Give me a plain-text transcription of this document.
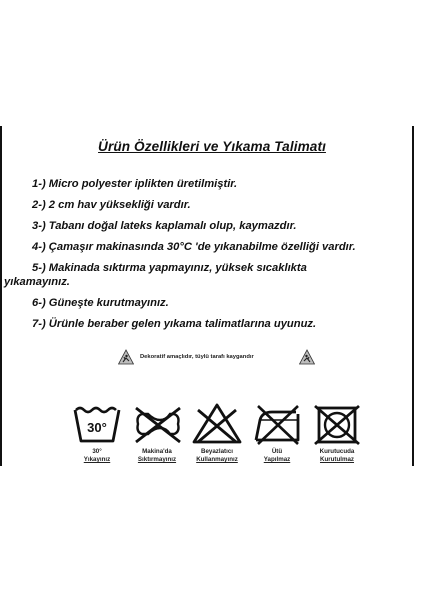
Ürün Özellikleri ve Yıkama Talimatı
1-) Micro polyester iplikten üretilmiştir.
2-) 2 cm hav yüksekliği vardır.
3-) Tabanı doğal lateks kaplamalı olup, kaymazdır.
4-) Çamaşır makinasında 30°C 'de yıkanabilme özelliği vardır.
5-) Makinada sıktırma yapmayınız, yüksek sıcaklıkta
yıkamayınız.
6-) Güneşte kurutmayınız.
7-) Ürünle beraber gelen yıkama talimatlarına uyunuz.
Dekoratif amaçlıdır, tüylü tarafı kaygandır
30°
30°
Yıkayınız
Makina'da
Sıktırmayınız
Beyazlatıcı
Kullanmayınız
Ütü
Yapılmaz
Kurutucuda
Kurutulmaz
